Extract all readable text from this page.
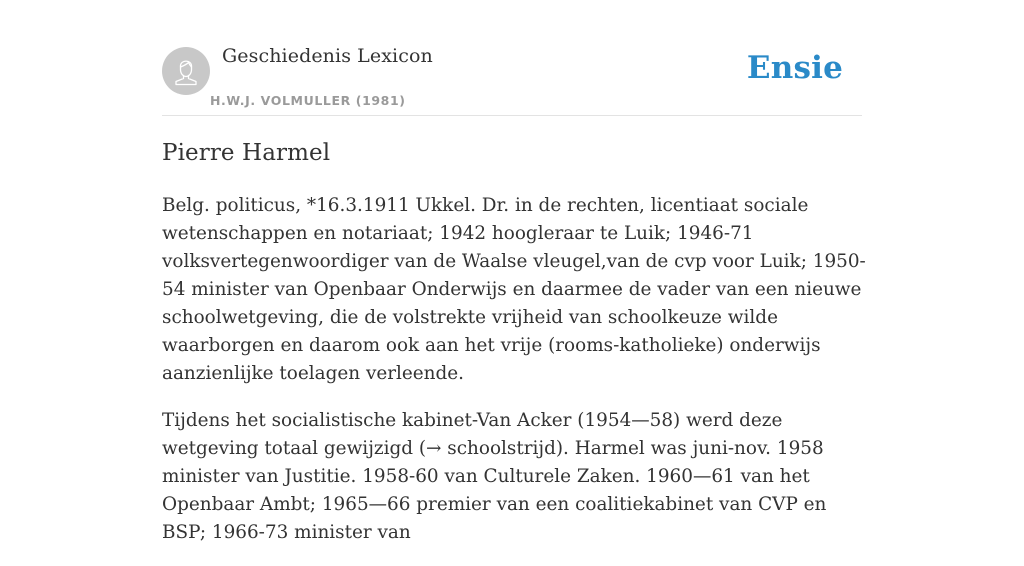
Geschiedenis Lexicon
H.W.J. VOLMULLER (1981)
Ensie
Pierre Harmel

Belg. politicus, *16.3.1911 Ukkel. Dr. in de rechten, licentiaat sociale wetenschappen en notariaat; 1942 hoogleraar te Luik; 1946-71 volksvertegenwoordiger van de Waalse vleugel,van de cvp voor Luik; 1950-54 minister van Openbaar Onderwijs en daarmee de vader van een nieuwe schoolwetgeving, die de volstrekte vrijheid van schoolkeuze wilde waarborgen en daarom ook aan het vrije (rooms-katholieke) onderwijs aanzienlijke toelagen verleende.

Tijdens het socialistische kabinet-Van Acker (1954—58) werd deze wetgeving totaal gewijzigd (→ schoolstrijd). Harmel was juni-nov. 1958 minister van Justitie. 1958-60 van Culturele Zaken. 1960—61 van het Openbaar Ambt; 1965—66 premier van een coalitiekabinet van CVP en BSP; 1966-73 minister van
